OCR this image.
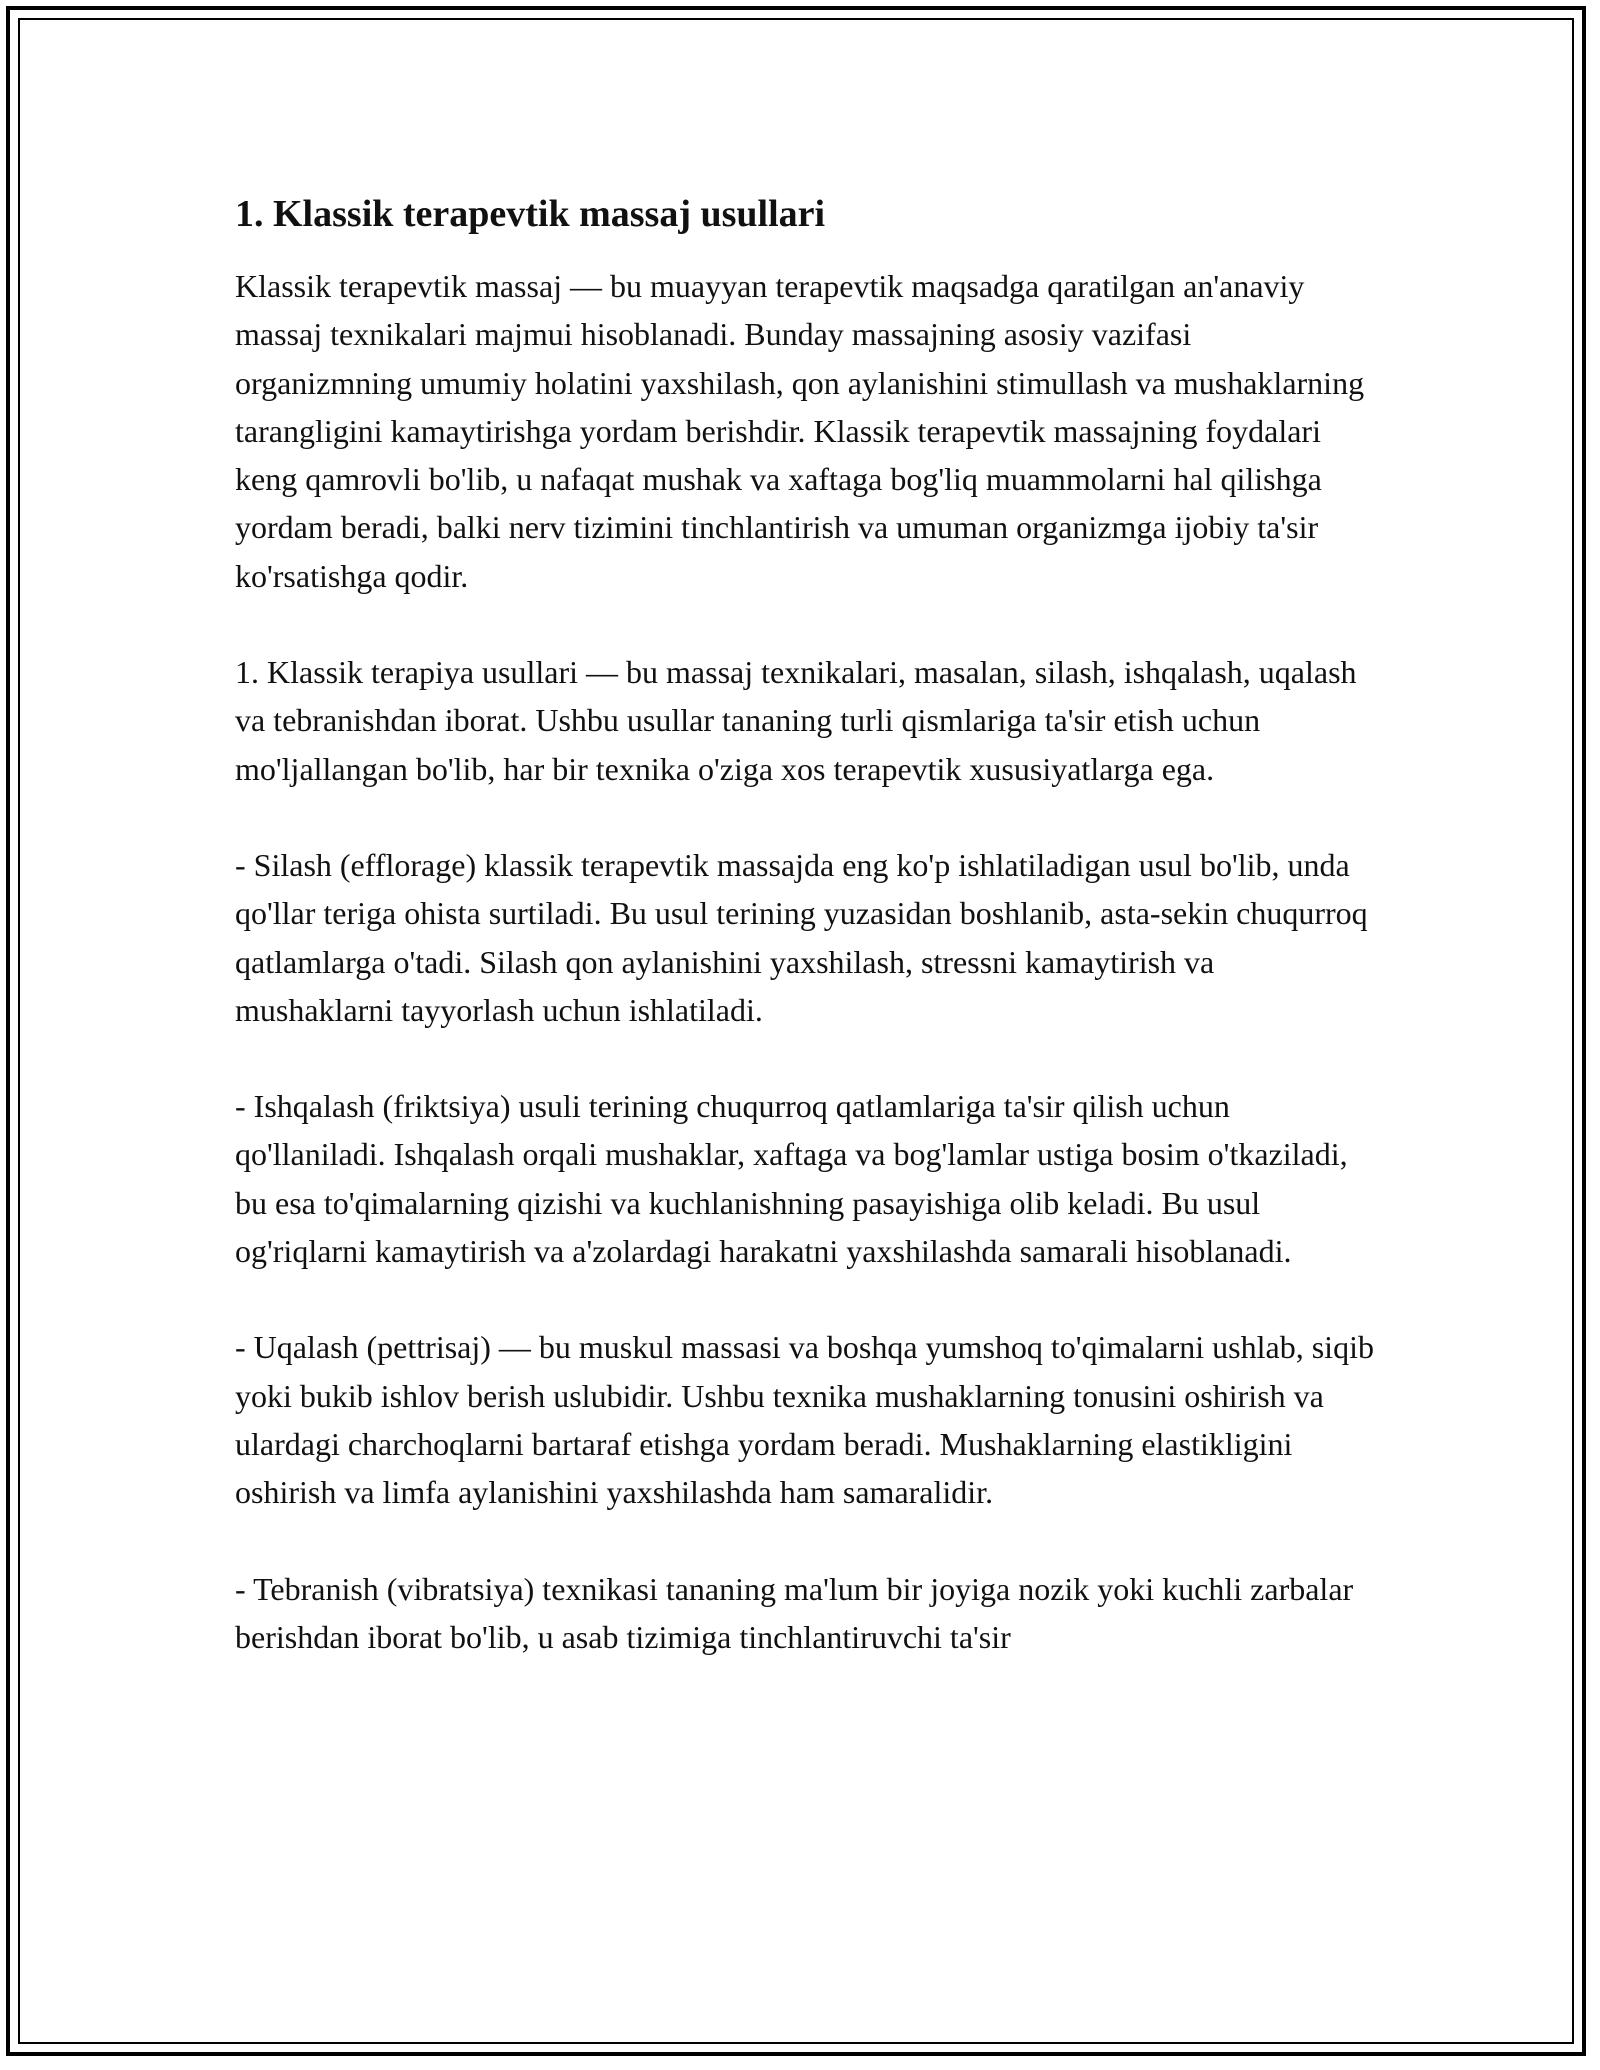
1. Klassik terapevtik massaj usullari

Klassik terapevtik massaj — bu muayyan terapevtik maqsadga qaratilgan an'anaviy massaj texnikalari majmui hisoblanadi. Bunday massajning asosiy vazifasi organizmning umumiy holatini yaxshilash, qon aylanishini stimullash va mushaklarning tarangligini kamaytirishga yordam berishdir. Klassik terapevtik massajning foydalari keng qamrovli bo'lib, u nafaqat mushak va xaftaga bog'liq muammolarni hal qilishga yordam beradi, balki nerv tizimini tinchlantirish va umuman organizmga ijobiy ta'sir ko'rsatishga qodir.

1. Klassik terapiya usullari — bu massaj texnikalari, masalan, silash, ishqalash, uqalash va tebranishdan iborat. Ushbu usullar tananing turli qismlariga ta'sir etish uchun mo'ljallangan bo'lib, har bir texnika o'ziga xos terapevtik xususiyatlarga ega.

- Silash (efflorage) klassik terapevtik massajda eng ko'p ishlatiladigan usul bo'lib, unda qo'llar teriga ohista surtiladi. Bu usul terining yuzasidan boshlanib, asta-sekin chuqurroq qatlamlarga o'tadi. Silash qon aylanishini yaxshilash, stressni kamaytirish va mushaklarni tayyorlash uchun ishlatiladi.

- Ishqalash (friktsiya) usuli terining chuqurroq qatlamlariga ta'sir qilish uchun qo'llaniladi. Ishqalash orqali mushaklar, xaftaga va bog'lamlar ustiga bosim o'tkaziladi, bu esa to'qimalarning qizishi va kuchlanishning pasayishiga olib keladi. Bu usul og'riqlarni kamaytirish va a'zolardagi harakatni yaxshilashda samarali hisoblanadi.

- Uqalash (pettrisaj) — bu muskul massasi va boshqa yumshoq to'qimalarni ushlab, siqib yoki bukib ishlov berish uslubidir. Ushbu texnika mushaklarning tonusini oshirish va ulardagi charchoqlarni bartaraf etishga yordam beradi. Mushaklarning elastikligini oshirish va limfa aylanishini yaxshilashda ham samaralidir.

- Tebranish (vibratsiya) texnikasi tananing ma'lum bir joyiga nozik yoki kuchli zarbalar berishdan iborat bo'lib, u asab tizimiga tinchlantiruvchi ta'sir
